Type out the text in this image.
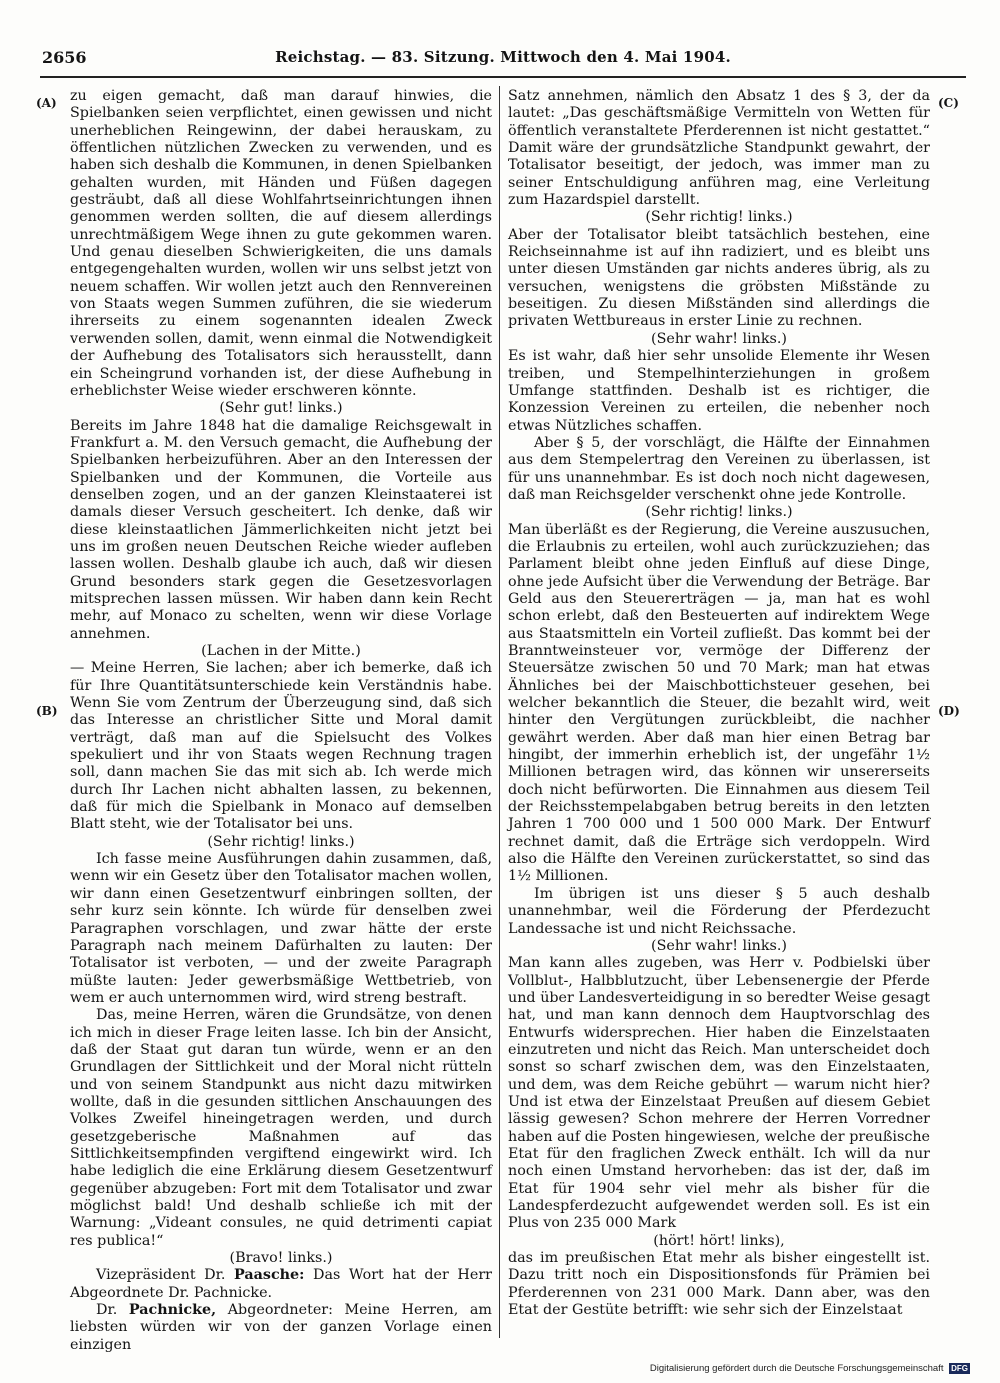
2656	Reichstag. — 83. Sitzung. Mittwoch den 4. Mai 1904.
(A)
(B)
(C)
(D)

zu eigen gemacht, daß man darauf hinwies, die Spielbanken seien verpflichtet, einen gewissen und nicht unerheblichen Reingewinn, der dabei herauskam, zu öffentlichen nützlichen Zwecken zu verwenden, und es haben sich deshalb die Kommunen, in denen Spielbanken gehalten wurden, mit Händen und Füßen dagegen gesträubt, daß all diese Wohlfahrtseinrichtungen ihnen genommen werden sollten, die auf diesem allerdings unrechtmäßigem Wege ihnen zu gute gekommen waren. Und genau dieselben Schwierigkeiten, die uns damals entgegengehalten wurden, wollen wir uns selbst jetzt von neuem schaffen. Wir wollen jetzt auch den Rennvereinen von Staats wegen Summen zuführen, die sie wiederum ihrerseits zu einem sogenannten idealen Zweck verwenden sollen, damit, wenn einmal die Notwendigkeit der Aufhebung des Totalisators sich herausstellt, dann ein Scheingrund vorhanden ist, der diese Aufhebung in erheblichster Weise wieder erschweren könnte.

(Sehr gut! links.)

Bereits im Jahre 1848 hat die damalige Reichsgewalt in Frankfurt a. M. den Versuch gemacht, die Aufhebung der Spielbanken herbeizuführen. Aber an den Interessen der Spielbanken und der Kommunen, die Vorteile aus denselben zogen, und an der ganzen Kleinstaaterei ist damals dieser Versuch gescheitert. Ich denke, daß wir diese kleinstaatlichen Jämmerlichkeiten nicht jetzt bei uns im großen neuen Deutschen Reiche wieder aufleben lassen wollen. Deshalb glaube ich auch, daß wir diesen Grund besonders stark gegen die Gesetzesvorlagen mitsprechen lassen müssen. Wir haben dann kein Recht mehr, auf Monaco zu schelten, wenn wir diese Vorlage annehmen.

(Lachen in der Mitte.)

— Meine Herren, Sie lachen; aber ich bemerke, daß ich für Ihre Quantitätsunterschiede kein Verständnis habe. Wenn Sie vom Zentrum der Überzeugung sind, daß sich das Interesse an christlicher Sitte und Moral damit verträgt, daß man auf die Spielsucht des Volkes spekuliert und ihr von Staats wegen Rechnung tragen soll, dann machen Sie das mit sich ab. Ich werde mich durch Ihr Lachen nicht abhalten lassen, zu bekennen, daß für mich die Spielbank in Monaco auf demselben Blatt steht, wie der Totalisator bei uns.

(Sehr richtig! links.)

Ich fasse meine Ausführungen dahin zusammen, daß, wenn wir ein Gesetz über den Totalisator machen wollen, wir dann einen Gesetzentwurf einbringen sollten, der sehr kurz sein könnte. Ich würde für denselben zwei Paragraphen vorschlagen, und zwar hätte der erste Paragraph nach meinem Dafürhalten zu lauten: Der Totalisator ist verboten, — und der zweite Paragraph müßte lauten: Jeder gewerbsmäßige Wettbetrieb, von wem er auch unternommen wird, wird streng bestraft.

Das, meine Herren, wären die Grundsätze, von denen ich mich in dieser Frage leiten lasse. Ich bin der Ansicht, daß der Staat gut daran tun würde, wenn er an den Grundlagen der Sittlichkeit und der Moral nicht rütteln und von seinem Standpunkt aus nicht dazu mitwirken wollte, daß in die gesunden sittlichen Anschauungen des Volkes Zweifel hineingetragen werden, und durch gesetzgeberische Maßnahmen auf das Sittlichkeitsempfinden vergiftend eingewirkt wird. Ich habe lediglich die eine Erklärung diesem Gesetzentwurf gegenüber abzugeben: Fort mit dem Totalisator und zwar möglichst bald! Und deshalb schließe ich mit der Warnung: „Videant consules, ne quid detrimenti capiat res publica!“

(Bravo! links.)

Vizepräsident Dr. Paasche: Das Wort hat der Herr Abgeordnete Dr. Pachnicke.

Dr. Pachnicke, Abgeordneter: Meine Herren, am liebsten würden wir von der ganzen Vorlage einen einzigen

Satz annehmen, nämlich den Absatz 1 des § 3, der da lautet: „Das geschäftsmäßige Vermitteln von Wetten für öffentlich veranstaltete Pferderennen ist nicht gestattet.“ Damit wäre der grundsätzliche Standpunkt gewahrt, der Totalisator beseitigt, der jedoch, was immer man zu seiner Entschuldigung anführen mag, eine Verleitung zum Hazardspiel darstellt.

(Sehr richtig! links.)

Aber der Totalisator bleibt tatsächlich bestehen, eine Reichseinnahme ist auf ihn radiziert, und es bleibt uns unter diesen Umständen gar nichts anderes übrig, als zu versuchen, wenigstens die gröbsten Mißstände zu beseitigen. Zu diesen Mißständen sind allerdings die privaten Wettbureaus in erster Linie zu rechnen.

(Sehr wahr! links.)

Es ist wahr, daß hier sehr unsolide Elemente ihr Wesen treiben, und Stempelhinterziehungen in großem Umfange stattfinden. Deshalb ist es richtiger, die Konzession Vereinen zu erteilen, die nebenher noch etwas Nützliches schaffen.

Aber § 5, der vorschlägt, die Hälfte der Einnahmen aus dem Stempelertrag den Vereinen zu überlassen, ist für uns unannehmbar. Es ist doch noch nicht dagewesen, daß man Reichsgelder verschenkt ohne jede Kontrolle.

(Sehr richtig! links.)

Man überläßt es der Regierung, die Vereine auszusuchen, die Erlaubnis zu erteilen, wohl auch zurückzuziehen; das Parlament bleibt ohne jeden Einfluß auf diese Dinge, ohne jede Aufsicht über die Verwendung der Beträge. Bar Geld aus den Steuererträgen — ja, man hat es wohl schon erlebt, daß den Besteuerten auf indirektem Wege aus Staatsmitteln ein Vorteil zufließt. Das kommt bei der Branntweinsteuer vor, vermöge der Differenz der Steuersätze zwischen 50 und 70 Mark; man hat etwas Ähnliches bei der Maischbottichsteuer gesehen, bei welcher bekanntlich die Steuer, die bezahlt wird, weit hinter den Vergütungen zurückbleibt, die nachher gewährt werden. Aber daß man hier einen Betrag bar hingibt, der immerhin erheblich ist, der ungefähr 1½ Millionen betragen wird, das können wir unsererseits doch nicht befürworten. Die Einnahmen aus diesem Teil der Reichsstempelabgaben betrug bereits in den letzten Jahren 1 700 000 und 1 500 000 Mark. Der Entwurf rechnet damit, daß die Erträge sich verdoppeln. Wird also die Hälfte den Vereinen zurückerstattet, so sind das 1½ Millionen.

Im übrigen ist uns dieser § 5 auch deshalb unannehmbar, weil die Förderung der Pferdezucht Landessache ist und nicht Reichssache.

(Sehr wahr! links.)

Man kann alles zugeben, was Herr v. Podbielski über Vollblut-, Halbblutzucht, über Lebensenergie der Pferde und über Landesverteidigung in so beredter Weise gesagt hat, und man kann dennoch dem Hauptvorschlag des Entwurfs widersprechen. Hier haben die Einzelstaaten einzutreten und nicht das Reich. Man unterscheidet doch sonst so scharf zwischen dem, was den Einzelstaaten, und dem, was dem Reiche gebührt — warum nicht hier? Und ist etwa der Einzelstaat Preußen auf diesem Gebiet lässig gewesen? Schon mehrere der Herren Vorredner haben auf die Posten hingewiesen, welche der preußische Etat für den fraglichen Zweck enthält. Ich will da nur noch einen Umstand hervorheben: das ist der, daß im Etat für 1904 sehr viel mehr als bisher für die Landespferdezucht aufgewendet werden soll. Es ist ein Plus von 235 000 Mark

(hört! hört! links),

das im preußischen Etat mehr als bisher eingestellt ist. Dazu tritt noch ein Dispositionsfonds für Prämien bei Pferderennen von 231 000 Mark. Dann aber, was den Etat der Gestüte betrifft: wie sehr sich der Einzelstaat

Digitalisierung gefördert durch die Deutsche Forschungsgemeinschaft DFG
